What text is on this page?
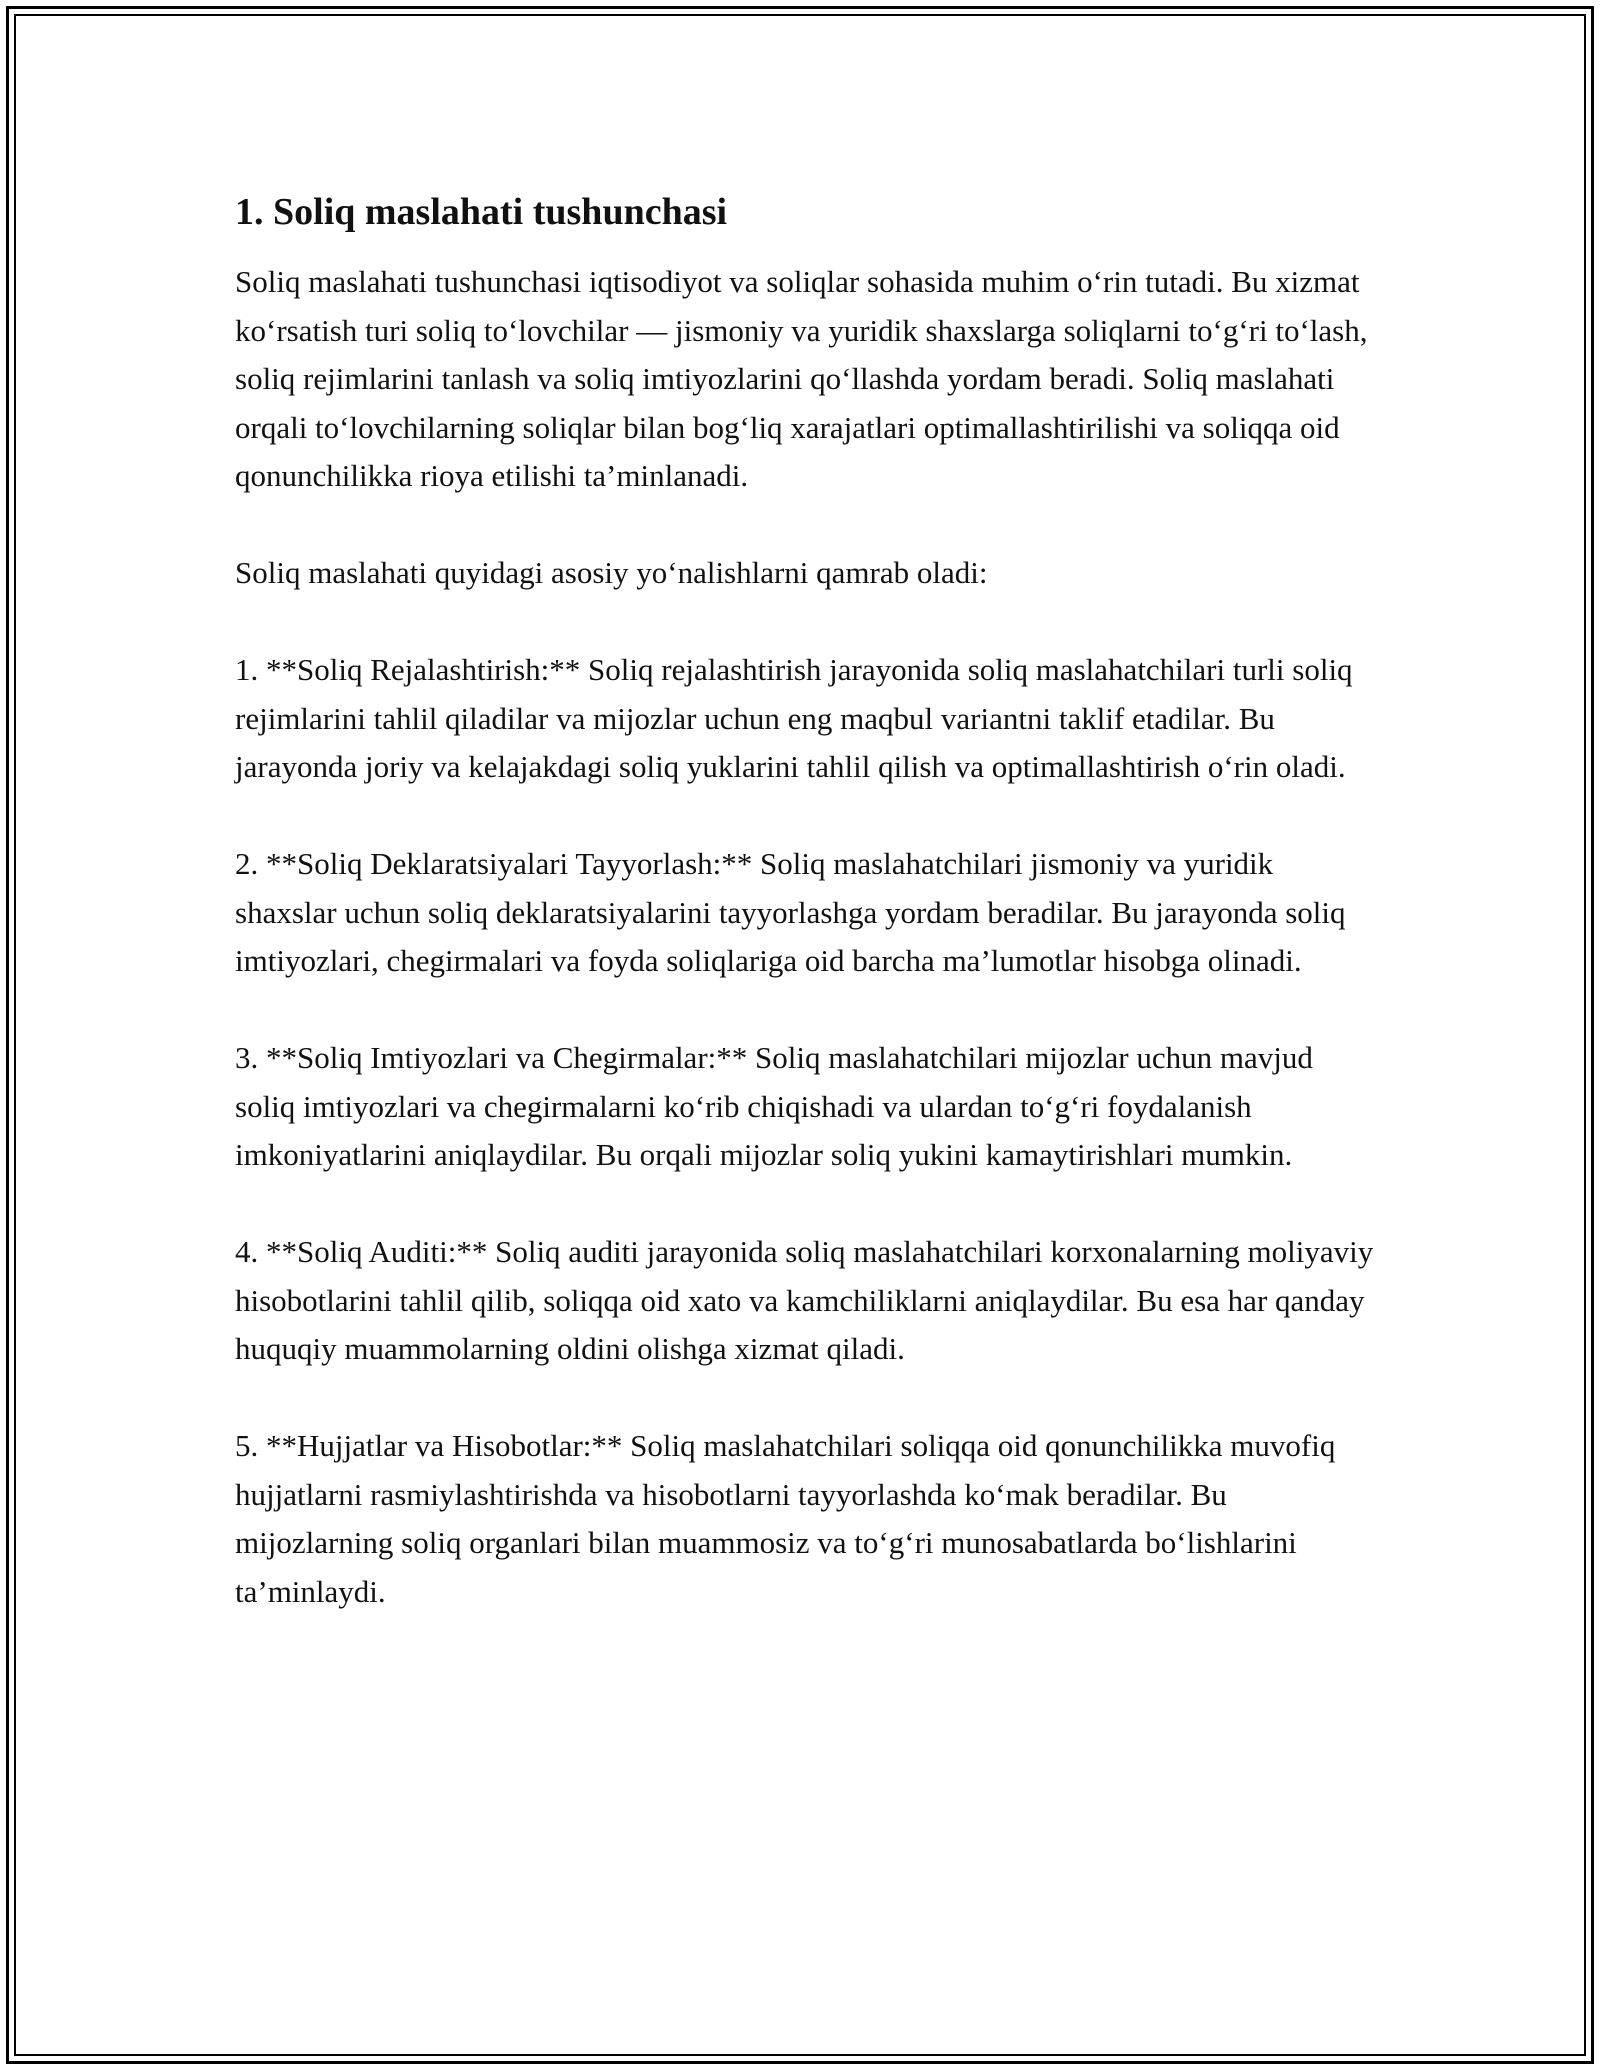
1. Soliq maslahati tushunchasi

Soliq maslahati tushunchasi iqtisodiyot va soliqlar sohasida muhim o‘rin tutadi. Bu xizmat ko‘rsatish turi soliq to‘lovchilar — jismoniy va yuridik shaxslarga soliqlarni to‘g‘ri to‘lash, soliq rejimlarini tanlash va soliq imtiyozlarini qo‘llashda yordam beradi. Soliq maslahati orqali to‘lovchilarning soliqlar bilan bog‘liq xarajatlari optimallashtirilishi va soliqqa oid qonunchilikka rioya etilishi ta’minlanadi.

Soliq maslahati quyidagi asosiy yo‘nalishlarni qamrab oladi:

1. **Soliq Rejalashtirish:** Soliq rejalashtirish jarayonida soliq maslahatchilari turli soliq rejimlarini tahlil qiladilar va mijozlar uchun eng maqbul variantni taklif etadilar. Bu jarayonda joriy va kelajakdagi soliq yuklarini tahlil qilish va optimallashtirish o‘rin oladi.

2. **Soliq Deklaratsiyalari Tayyorlash:** Soliq maslahatchilari jismoniy va yuridik shaxslar uchun soliq deklaratsiyalarini tayyorlashga yordam beradilar. Bu jarayonda soliq imtiyozlari, chegirmalari va foyda soliqlariga oid barcha ma’lumotlar hisobga olinadi.

3. **Soliq Imtiyozlari va Chegirmalar:** Soliq maslahatchilari mijozlar uchun mavjud soliq imtiyozlari va chegirmalarni ko‘rib chiqishadi va ulardan to‘g‘ri foydalanish imkoniyatlarini aniqlaydilar. Bu orqali mijozlar soliq yukini kamaytirishlari mumkin.

4. **Soliq Auditi:** Soliq auditi jarayonida soliq maslahatchilari korxonalarning moliyaviy hisobotlarini tahlil qilib, soliqqa oid xato va kamchiliklarni aniqlaydilar. Bu esa har qanday huquqiy muammolarning oldini olishga xizmat qiladi.

5. **Hujjatlar va Hisobotlar:** Soliq maslahatchilari soliqqa oid qonunchilikka muvofiq hujjatlarni rasmiylashtirishda va hisobotlarni tayyorlashda ko‘mak beradilar. Bu mijozlarning soliq organlari bilan muammosiz va to‘g‘ri munosabatlarda bo‘lishlarini ta’minlaydi.
